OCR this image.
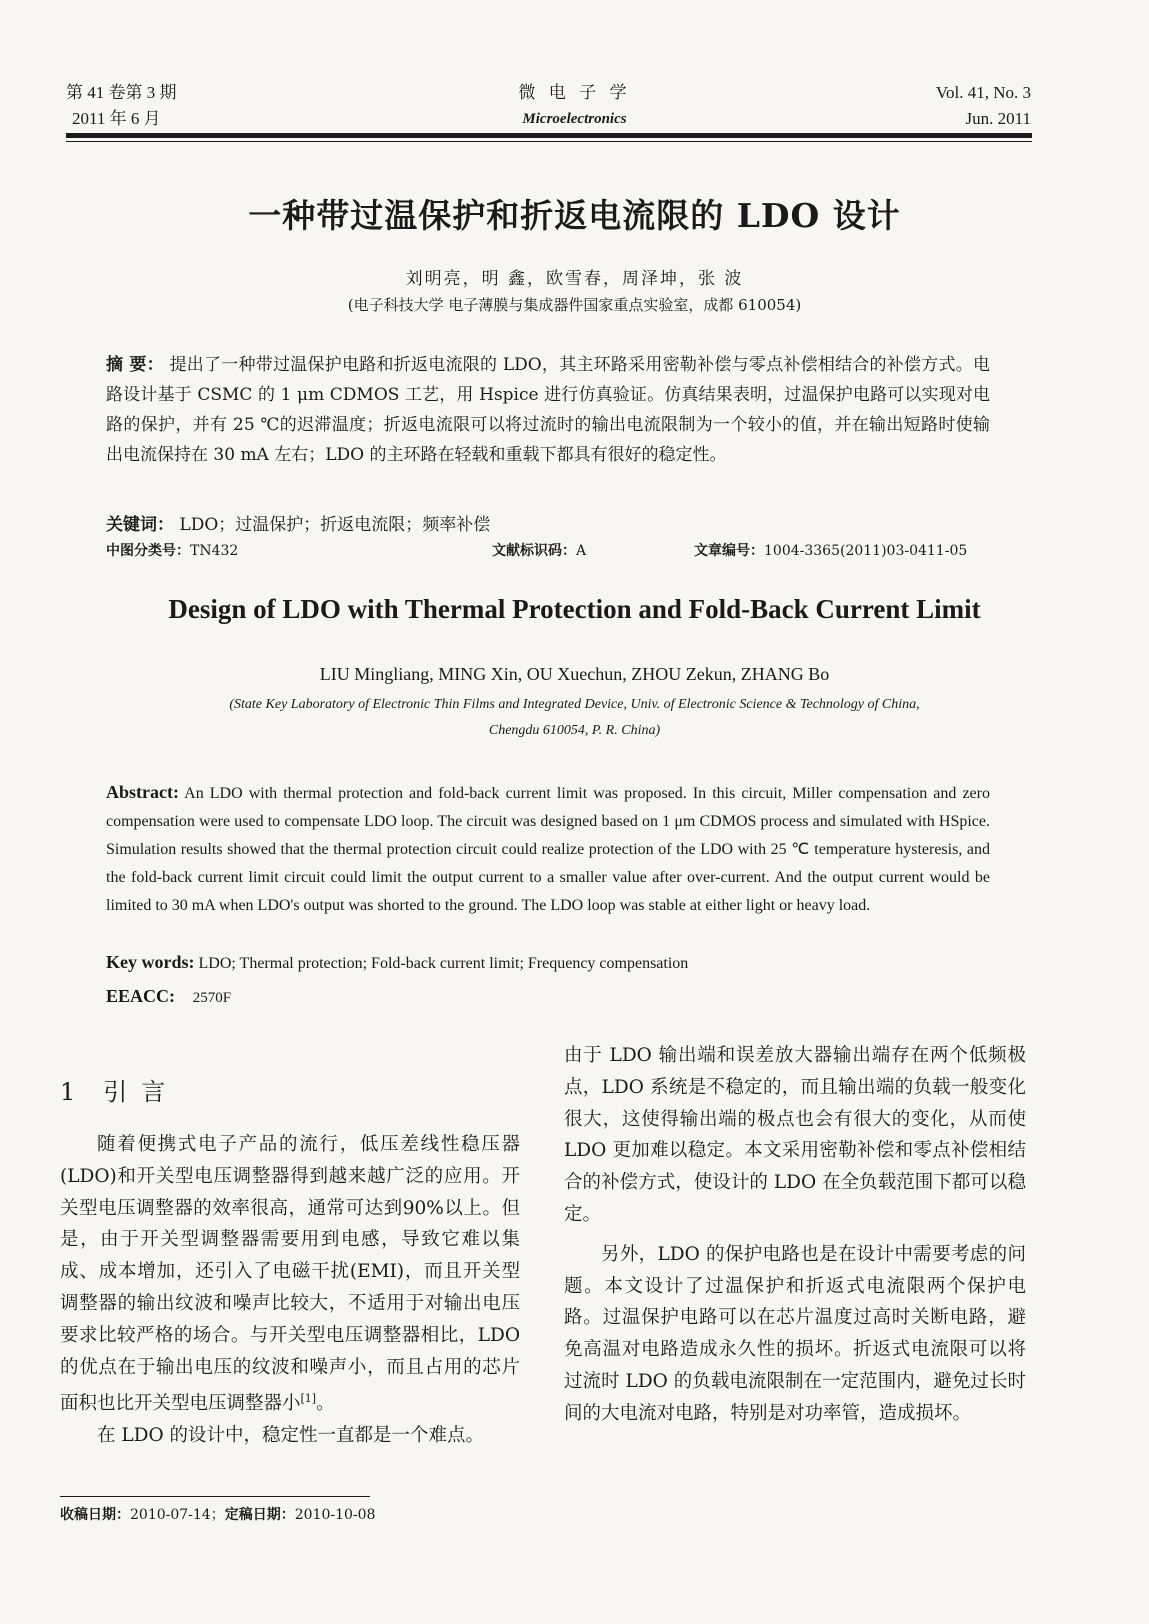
第 41 卷第 3 期
2011 年 6 月
微 电 子 学
Microelectronics
Vol. 41, No. 3
Jun. 2011
一种带过温保护和折返电流限的 LDO 设计
刘明亮，明 鑫，欧雪春，周泽坤，张 波
(电子科技大学 电子薄膜与集成器件国家重点实验室，成都 610054)
摘 要： 提出了一种带过温保护电路和折返电流限的 LDO，其主环路采用密勒补偿与零点补偿相结合的补偿方式。电路设计基于 CSMC 的 1 μm CDMOS 工艺，用 Hspice 进行仿真验证。仿真结果表明，过温保护电路可以实现对电路的保护，并有 25 ℃的迟滞温度；折返电流限可以将过流时的输出电流限制为一个较小的值，并在输出短路时使输出电流保持在 30 mA 左右；LDO 的主环路在轻载和重载下都具有很好的稳定性。
关键词： LDO；过温保护；折返电流限；频率补偿
中图分类号：TN432	文献标识码：A	文章编号：1004-3365(2011)03-0411-05
Design of LDO with Thermal Protection and Fold-Back Current Limit
LIU Mingliang, MING Xin, OU Xuechun, ZHOU Zekun, ZHANG Bo
(State Key Laboratory of Electronic Thin Films and Integrated Device, Univ. of Electronic Science & Technology of China,
Chengdu 610054, P. R. China)
Abstract: An LDO with thermal protection and fold-back current limit was proposed. In this circuit, Miller compensation and zero compensation were used to compensate LDO loop. The circuit was designed based on 1 μm CDMOS process and simulated with HSpice. Simulation results showed that the thermal protection circuit could realize protection of the LDO with 25 ℃ temperature hysteresis, and the fold-back current limit circuit could limit the output current to a smaller value after over-current. And the output current would be limited to 30 mA when LDO's output was shorted to the ground. The LDO loop was stable at either light or heavy load.
Key words: LDO; Thermal protection; Fold-back current limit; Frequency compensation
EEACC: 2570F
1 引言

随着便携式电子产品的流行，低压差线性稳压器(LDO)和开关型电压调整器得到越来越广泛的应用。开关型电压调整器的效率很高，通常可达到90%以上。但是，由于开关型调整器需要用到电感，导致它难以集成、成本增加，还引入了电磁干扰(EMI)，而且开关型调整器的输出纹波和噪声比较大，不适用于对输出电压要求比较严格的场合。与开关型电压调整器相比，LDO 的优点在于输出电压的纹波和噪声小，而且占用的芯片面积也比开关型电压调整器小[1]。

在 LDO 的设计中，稳定性一直都是一个难点。

由于 LDO 输出端和误差放大器输出端存在两个低频极点，LDO 系统是不稳定的，而且输出端的负载一般变化很大，这使得输出端的极点也会有很大的变化，从而使 LDO 更加难以稳定。本文采用密勒补偿和零点补偿相结合的补偿方式，使设计的 LDO 在全负载范围下都可以稳定。

另外，LDO 的保护电路也是在设计中需要考虑的问题。本文设计了过温保护和折返式电流限两个保护电路。过温保护电路可以在芯片温度过高时关断电路，避免高温对电路造成永久性的损坏。折返式电流限可以将过流时 LDO 的负载电流限制在一定范围内，避免过长时间的大电流对电路，特别是对功率管，造成损坏。

收稿日期：2010-07-14；定稿日期：2010-10-08
